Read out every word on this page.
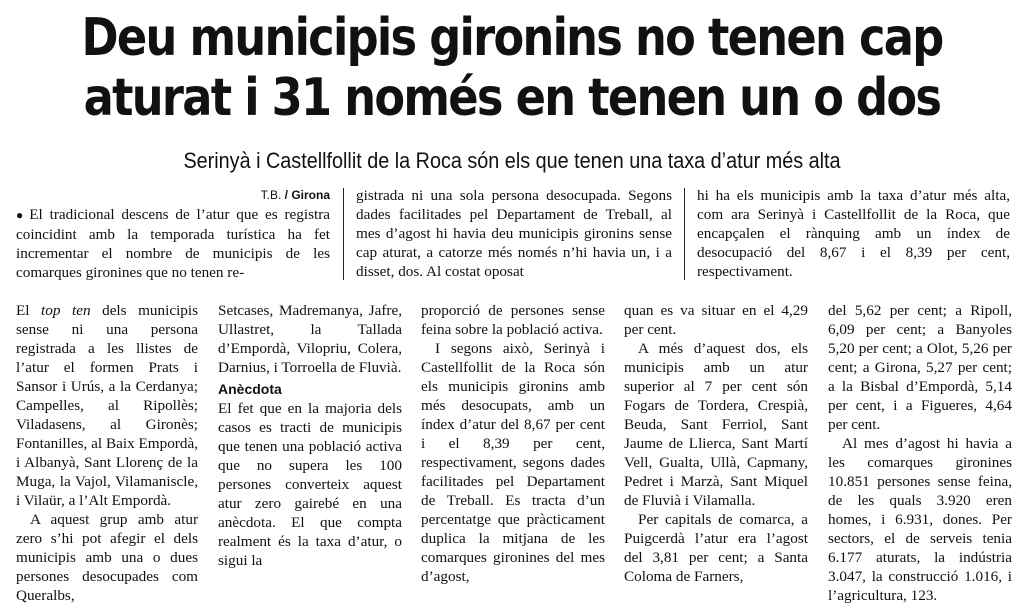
Deu municipis gironins no tenen cap
aturat i 31 només en tenen un o dos
Serinyà i Castellfollit de la Roca són els que tenen una taxa d’atur més alta
T.B. / Girona

● El tradicional descens de l’atur que es registra coincidint amb la temporada turística ha fet incrementar el nombre de municipis de les comarques gironines que no tenen re-

gistrada ni una sola persona desocupada. Segons dades facilitades pel Departament de Treball, al mes d’agost hi havia deu municipis gironins sense cap aturat, a catorze més només n’hi havia un, i a disset, dos. Al costat oposat

hi ha els municipis amb la taxa d’atur més alta, com ara Serinyà i Castellfollit de la Roca, que encapçalen el rànquing amb un índex de desocupació del 8,67 i el 8,39 per cent, respectivament.

El top ten dels municipis sense ni una persona registrada a les llistes de l’atur el formen Prats i Sansor i Urús, a la Cerdanya; Campelles, al Ripollès; Viladasens, al Gironès; Fontanilles, al Baix Empordà, i Albanyà, Sant Llorenç de la Muga, la Vajol, Vilamaniscle, i Vilaür, a l’Alt Empordà.

A aquest grup amb atur zero s’hi pot afegir el dels municipis amb una o dues persones desocupades com Queralbs,

Setcases, Madremanya, Jafre, Ullastret, la Tallada d’Empordà, Vilopriu, Colera, Darnius, i Torroella de Fluvià.

Anècdota

El fet que en la majoria dels casos es tracti de municipis que tenen una població activa que no supera les 100 persones converteix aquest atur zero gairebé en una anècdota. El que compta realment és la taxa d’atur, o sigui la

proporció de persones sense feina sobre la població activa.

I segons això, Serinyà i Castellfollit de la Roca són els municipis gironins amb més desocupats, amb un índex d’atur del 8,67 per cent i el 8,39 per cent, respectivament, segons dades facilitades pel Departament de Treball. Es tracta d’un percentatge que pràcticament duplica la mitjana de les comarques gironines del mes d’agost,

quan es va situar en el 4,29 per cent.

A més d’aquest dos, els municipis amb un atur superior al 7 per cent són Fogars de Tordera, Crespià, Beuda, Sant Ferriol, Sant Jaume de Llierca, Sant Martí Vell, Gualta, Ullà, Capmany, Pedret i Marzà, Sant Miquel de Fluvià i Vilamalla.

Per capitals de comarca, a Puigcerdà l’atur era l’agost del 3,81 per cent; a Santa Coloma de Farners,

del 5,62 per cent; a Ripoll, 6,09 per cent; a Banyoles 5,20 per cent; a Olot, 5,26 per cent; a Girona, 5,27 per cent; a la Bisbal d’Empordà, 5,14 per cent, i a Figueres, 4,64 per cent.

Al mes d’agost hi havia a les comarques gironines 10.851 persones sense feina, de les quals 3.920 eren homes, i 6.931, dones. Per sectors, el de serveis tenia 6.177 aturats, la indústria 3.047, la construcció 1.016, i l’agricultura, 123.
